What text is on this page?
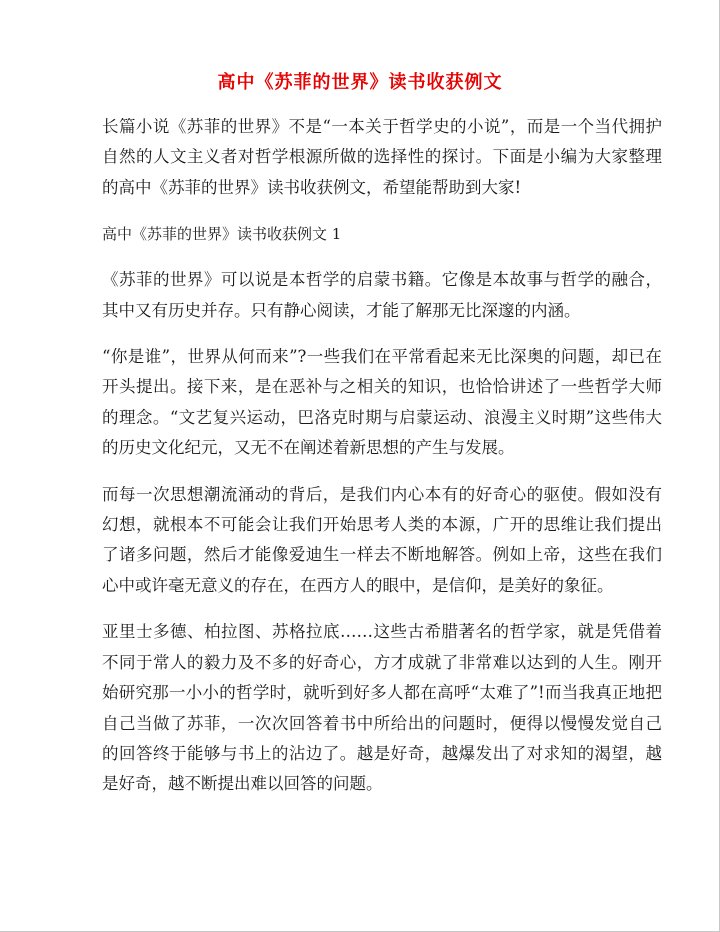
高中《苏菲的世界》读书收获例文

长篇小说《苏菲的世界》不是“一本关于哲学史的小说”，而是一个当代拥护自然的人文主义者对哲学根源所做的选择性的探讨。下面是小编为大家整理的高中《苏菲的世界》读书收获例文，希望能帮助到大家!

高中《苏菲的世界》读书收获例文 1

《苏菲的世界》可以说是本哲学的启蒙书籍。它像是本故事与哲学的融合，其中又有历史并存。只有静心阅读，才能了解那无比深邃的内涵。

“你是谁”，世界从何而来”?一些我们在平常看起来无比深奥的问题，却已在开头提出。接下来，是在恶补与之相关的知识，也恰恰讲述了一些哲学大师的理念。“文艺复兴运动，巴洛克时期与启蒙运动、浪漫主义时期”这些伟大的历史文化纪元，又无不在阐述着新思想的产生与发展。

而每一次思想潮流涌动的背后，是我们内心本有的好奇心的驱使。假如没有幻想，就根本不可能会让我们开始思考人类的本源，广开的思维让我们提出了诸多问题，然后才能像爱迪生一样去不断地解答。例如上帝，这些在我们心中或许毫无意义的存在，在西方人的眼中，是信仰，是美好的象征。

亚里士多德、柏拉图、苏格拉底……这些古希腊著名的哲学家，就是凭借着不同于常人的毅力及不多的好奇心，方才成就了非常难以达到的人生。刚开始研究那一小小的哲学时，就听到好多人都在高呼“太难了”!而当我真正地把自己当做了苏菲，一次次回答着书中所给出的问题时，便得以慢慢发觉自己的回答终于能够与书上的沾边了。越是好奇，越爆发出了对求知的渴望，越是好奇，越不断提出难以回答的问题。
